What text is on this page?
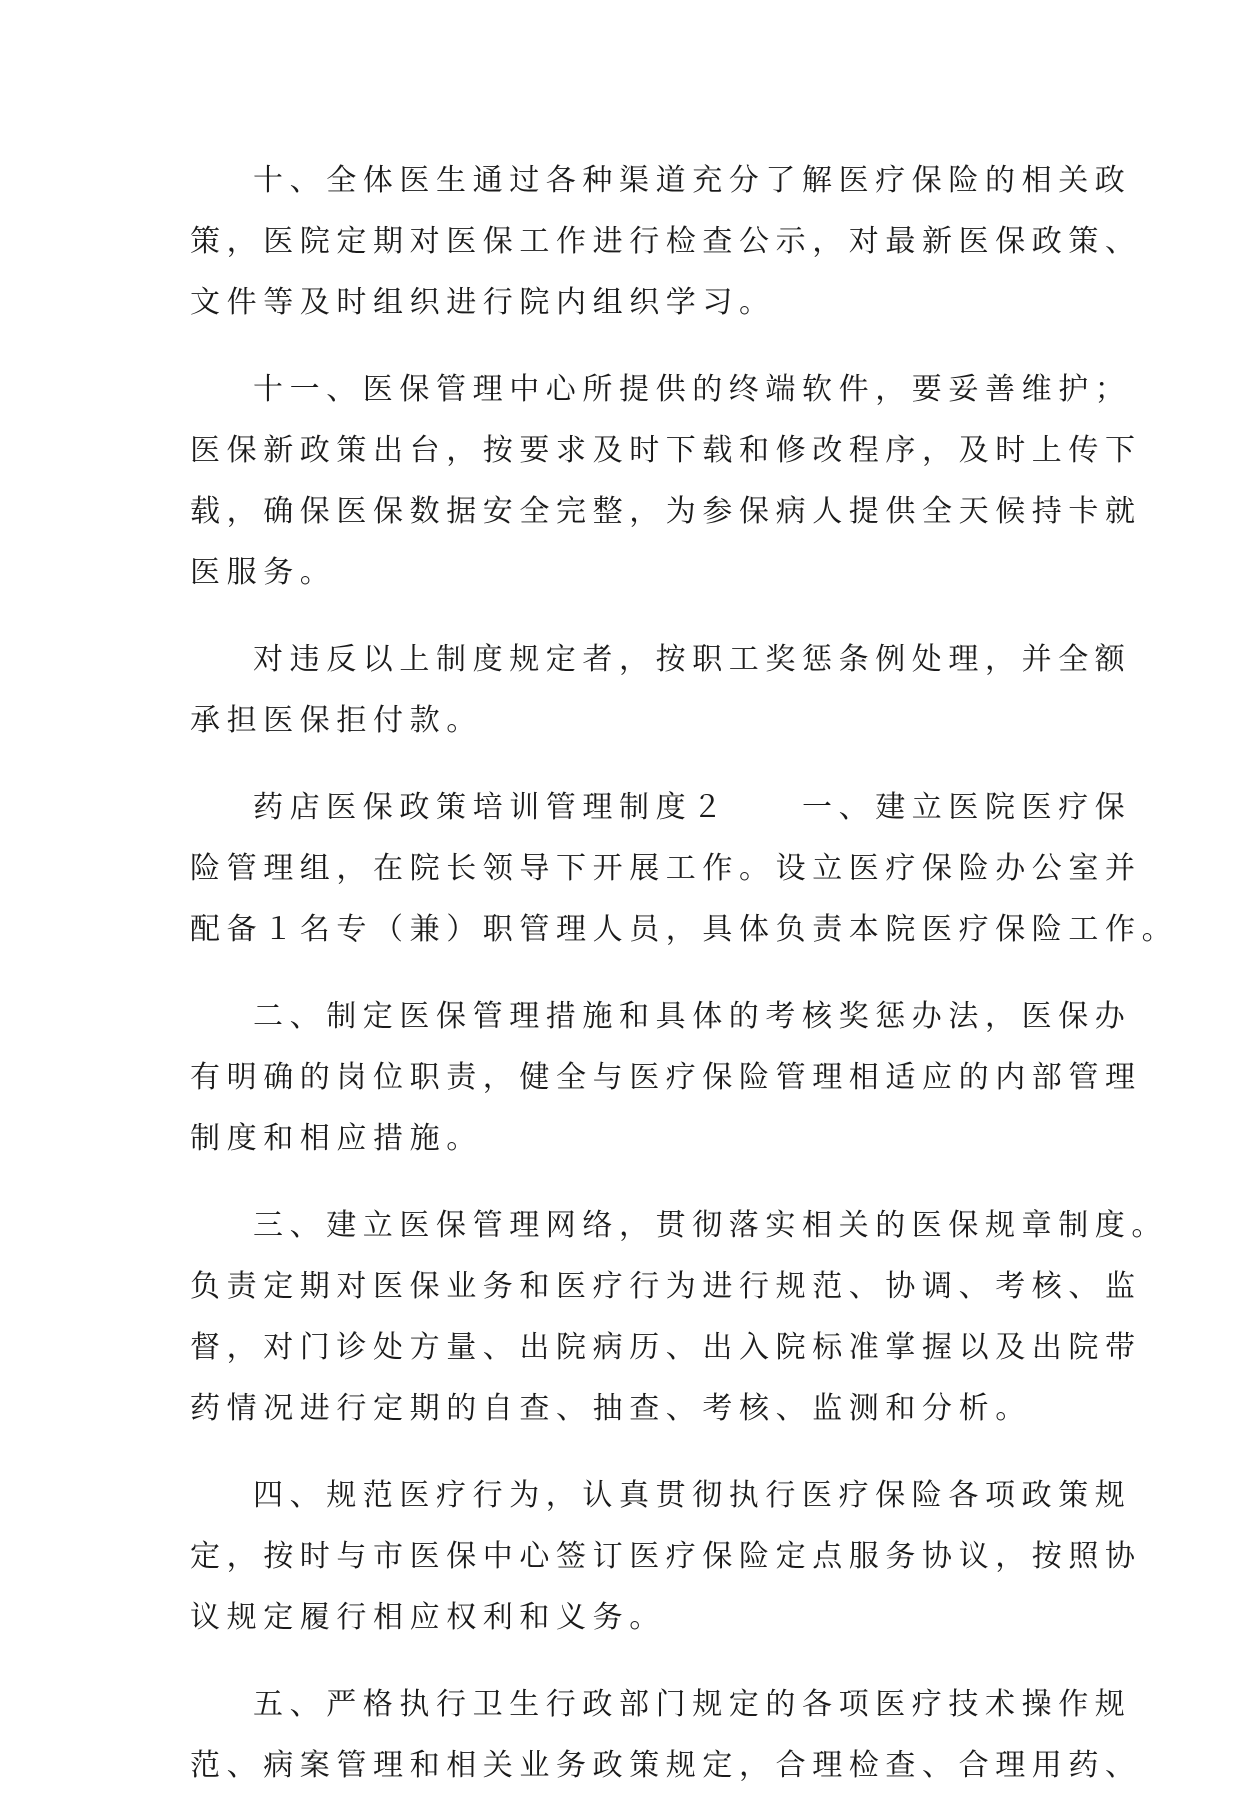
十、全体医生通过各种渠道充分了解医疗保险的相关政
策，医院定期对医保工作进行检查公示，对最新医保政策、
文件等及时组织进行院内组织学习。
十一、医保管理中心所提供的终端软件，要妥善维护；
医保新政策出台，按要求及时下载和修改程序，及时上传下
载，确保医保数据安全完整，为参保病人提供全天候持卡就
医服务。
对违反以上制度规定者，按职工奖惩条例处理，并全额
承担医保拒付款。
药店医保政策培训管理制度２　　一、建立医院医疗保
险管理组，在院长领导下开展工作。设立医疗保险办公室并
配备１名专（兼）职管理人员，具体负责本院医疗保险工作。
二、制定医保管理措施和具体的考核奖惩办法，医保办
有明确的岗位职责，健全与医疗保险管理相适应的内部管理
制度和相应措施。
三、建立医保管理网络，贯彻落实相关的医保规章制度。
负责定期对医保业务和医疗行为进行规范、协调、考核、监
督，对门诊处方量、出院病历、出入院标准掌握以及出院带
药情况进行定期的自查、抽查、考核、监测和分析。
四、规范医疗行为，认真贯彻执行医疗保险各项政策规
定，按时与市医保中心签订医疗保险定点服务协议，按照协
议规定履行相应权利和义务。
五、严格执行卫生行政部门规定的各项医疗技术操作规
范、病案管理和相关业务政策规定，合理检查、合理用药、
